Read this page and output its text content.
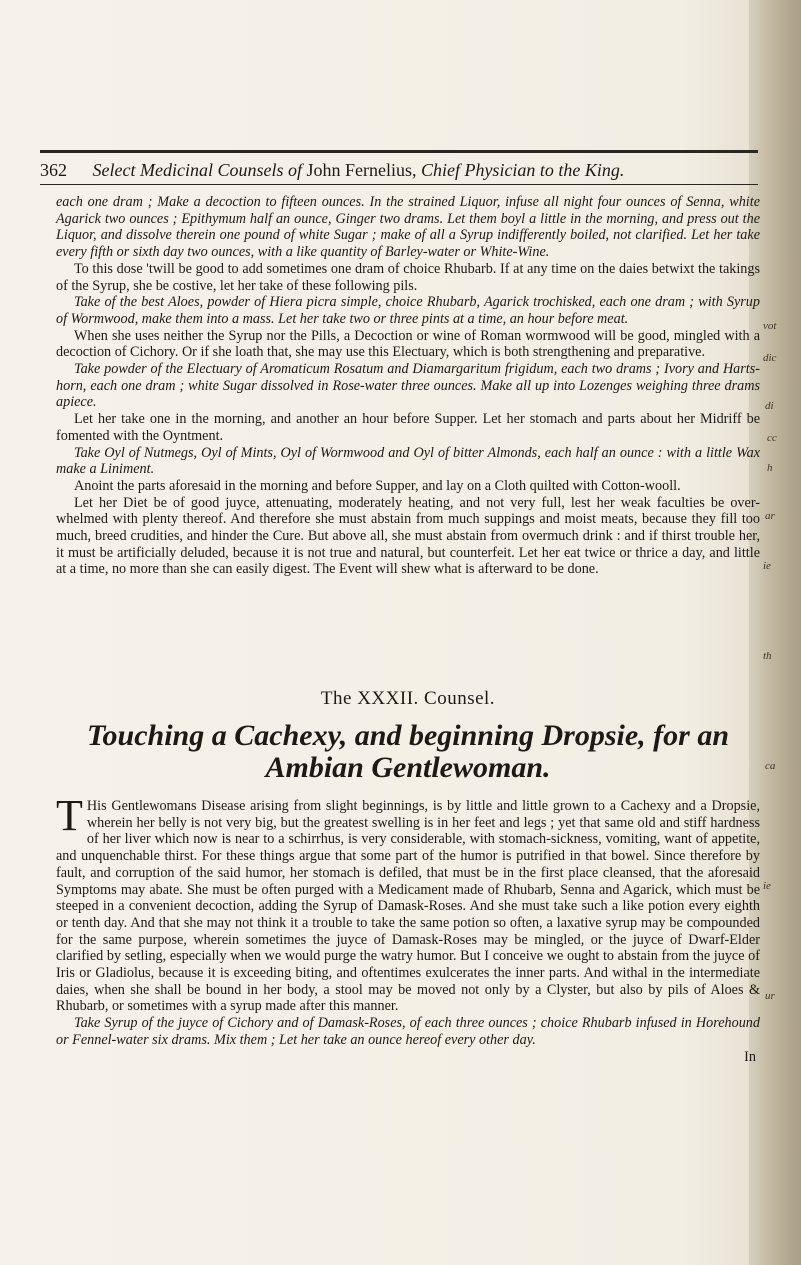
vot
dic
di
cc
h
ar
ie
th
ca
ie
ur
362 Select Medicinal Counsels of John Fernelius, Chief Physician to the King.

each one dram ; Make a decoction to fifteen ounces. In the strained Liquor, infuse all night four ounces of Senna, white Agarick two ounces ; Epithymum half an ounce, Ginger two drams. Let them boyl a little in the morning, and press out the Liquor, and dissolve therein one pound of white Sugar ; make of all a Syrup indifferently boiled, not clarified. Let her take every fifth or sixth day two ounces, with a like quantity of Barley-water or White-Wine.

To this dose 'twill be good to add sometimes one dram of choice Rhubarb. If at any time on the daies betwixt the takings of the Syrup, she be costive, let her take of these following pils.

Take of the best Aloes, powder of Hiera picra simple, choice Rhubarb, Agarick trochisked, each one dram ; with Syrup of Wormwood, make them into a mass. Let her take two or three pints at a time, an hour before meat.

When she uses neither the Syrup nor the Pills, a Decoction or wine of Roman wormwood will be good, mingled with a decoction of Cichory. Or if she loath that, she may use this Electuary, which is both strengthening and preparative.

Take powder of the Electuary of Aromaticum Rosatum and Diamargaritum frigidum, each two drams ; Ivory and Harts-horn, each one dram ; white Sugar dissolved in Rose-water three ounces. Make all up into Lozenges weighing three drams apiece.

Let her take one in the morning, and another an hour before Supper. Let her stomach and parts about her Midriff be fomented with the Oyntment.

Take Oyl of Nutmegs, Oyl of Mints, Oyl of Wormwood and Oyl of bitter Almonds, each half an ounce : with a little Wax make a Liniment.

Anoint the parts aforesaid in the morning and before Supper, and lay on a Cloth quilted with Cotton-wooll.

Let her Diet be of good juyce, attenuating, moderately heating, and not very full, lest her weak faculties be over-whelmed with plenty thereof. And therefore she must abstain from much suppings and moist meats, because they fill too much, breed crudities, and hinder the Cure. But above all, she must abstain from overmuch drink : and if thirst trouble her, it must be artificially deluded, because it is not true and natural, but counterfeit. Let her eat twice or thrice a day, and little at a time, no more than she can easily digest. The Event will shew what is afterward to be done.

The XXXII. Counsel.
Touching a Cachexy, and beginning Dropsie, for an
Ambian Gentlewoman.

T His Gentlewomans Disease arising from slight beginnings, is by little and little grown to a Cachexy and a Dropsie, wherein her belly is not very big, but the greatest swelling is in her feet and legs ; yet that same old and stiff hardness of her liver which now is near to a schirrhus, is very considerable, with stomach-sickness, vomiting, want of appetite, and unquenchable thirst. For these things argue that some part of the humor is putrified in that bowel. Since therefore by fault, and corruption of the said humor, her stomach is defiled, that must be in the first place cleansed, that the aforesaid Symptoms may abate. She must be often purged with a Medicament made of Rhubarb, Senna and Agarick, which must be steeped in a convenient decoction, adding the Syrup of Damask-Roses. And she must take such a like potion every eighth or tenth day. And that she may not think it a trouble to take the same potion so often, a laxative syrup may be compounded for the same purpose, wherein sometimes the juyce of Damask-Roses may be mingled, or the juyce of Dwarf-Elder clarified by setling, especially when we would purge the watry humor. But I conceive we ought to abstain from the juyce of Iris or Gladiolus, because it is exceeding biting, and oftentimes exulcerates the inner parts. And withal in the intermediate daies, when she shall be bound in her body, a stool may be moved not only by a Clyster, but also by pils of Aloes & Rhubarb, or sometimes with a syrup made after this manner.

Take Syrup of the juyce of Cichory and of Damask-Roses, of each three ounces ; choice Rhubarb infused in Horehound or Fennel-water six drams. Mix them ; Let her take an ounce hereof every other day.

In
